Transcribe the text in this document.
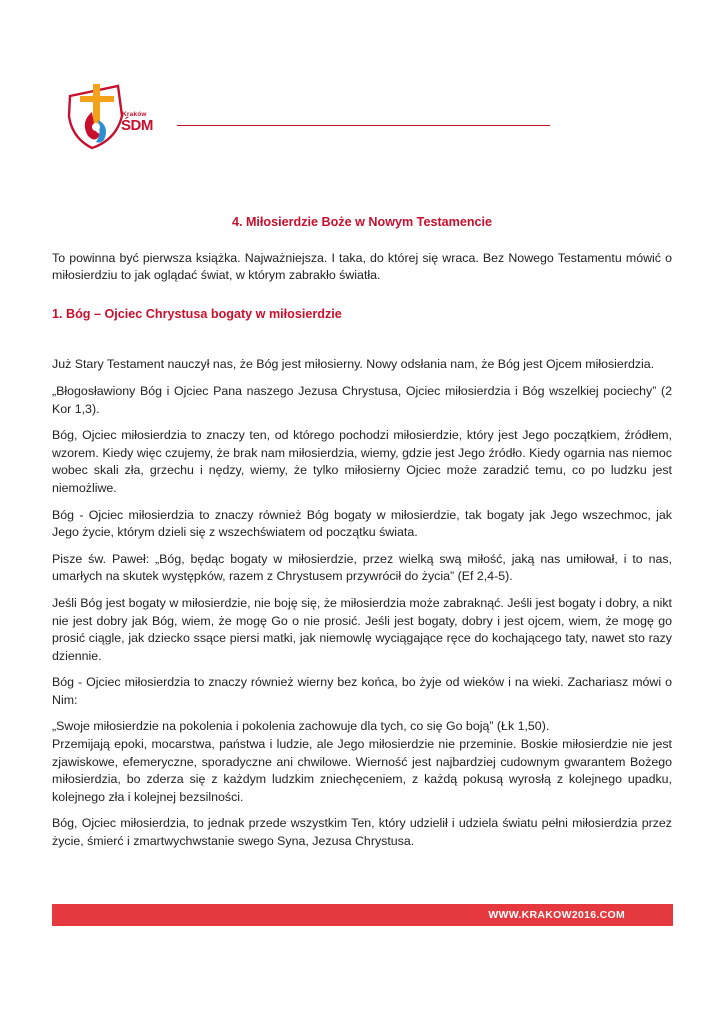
Kraków
ŚDM
4. Miłosierdzie Boże w Nowym Testamencie

To powinna być pierwsza książka. Najważniejsza. I taka, do której się wraca. Bez Nowego Testamentu mówić o miłosierdziu to jak oglądać świat, w którym zabrakło światła.

1. Bóg – Ojciec Chrystusa bogaty w miłosierdzie

Już Stary Testament nauczył nas, że Bóg jest miłosierny. Nowy odsłania nam, że Bóg jest Ojcem miłosierdzia.

„Błogosławiony Bóg i Ojciec Pana naszego Jezusa Chrystusa, Ojciec miłosierdzia i Bóg wszelkiej pociechy” (2 Kor 1,3).

Bóg, Ojciec miłosierdzia to znaczy ten, od którego pochodzi miłosierdzie, który jest Jego początkiem, źródłem, wzorem. Kiedy więc czujemy, że brak nam miłosierdzia, wiemy, gdzie jest Jego źródło. Kiedy ogarnia nas niemoc wobec skali zła, grzechu i nędzy, wiemy, że tylko miłosierny Ojciec może zaradzić temu, co po ludzku jest niemożliwe.

Bóg - Ojciec miłosierdzia to znaczy również Bóg bogaty w miłosierdzie, tak bogaty jak Jego wszechmoc, jak Jego życie, którym dzieli się z wszechświatem od początku świata.

Pisze św. Paweł: „Bóg, będąc bogaty w miłosierdzie, przez wielką swą miłość, jaką nas umiłował, i to nas, umarłych na skutek występków, razem z Chrystusem przywrócił do życia” (Ef 2,4-5).

Jeśli Bóg jest bogaty w miłosierdzie, nie boję się, że miłosierdzia może zabraknąć. Jeśli jest bogaty i dobry, a nikt nie jest dobry jak Bóg, wiem, że mogę Go o nie prosić. Jeśli jest bogaty, dobry i jest ojcem, wiem, że mogę go prosić ciągle, jak dziecko ssące piersi matki, jak niemowlę wyciągające ręce do kochającego taty, nawet sto razy dziennie.

Bóg - Ojciec miłosierdzia to znaczy również wierny bez końca, bo żyje od wieków i na wieki. Zachariasz mówi o Nim:

„Swoje miłosierdzie na pokolenia i pokolenia zachowuje dla tych, co się Go boją” (Łk 1,50).

Przemijają epoki, mocarstwa, państwa i ludzie, ale Jego miłosierdzie nie przeminie. Boskie miłosierdzie nie jest zjawiskowe, efemeryczne, sporadyczne ani chwilowe. Wierność jest najbardziej cudownym gwarantem Bożego miłosierdzia, bo zderza się z każdym ludzkim zniechęceniem, z każdą pokusą wyrosłą z kolejnego upadku, kolejnego zła i kolejnej bezsilności.

Bóg, Ojciec miłosierdzia, to jednak przede wszystkim Ten, który udzielił i udziela światu pełni miłosierdzia przez życie, śmierć i zmartwychwstanie swego Syna, Jezusa Chrystusa.

WWW.KRAKOW2016.COM
